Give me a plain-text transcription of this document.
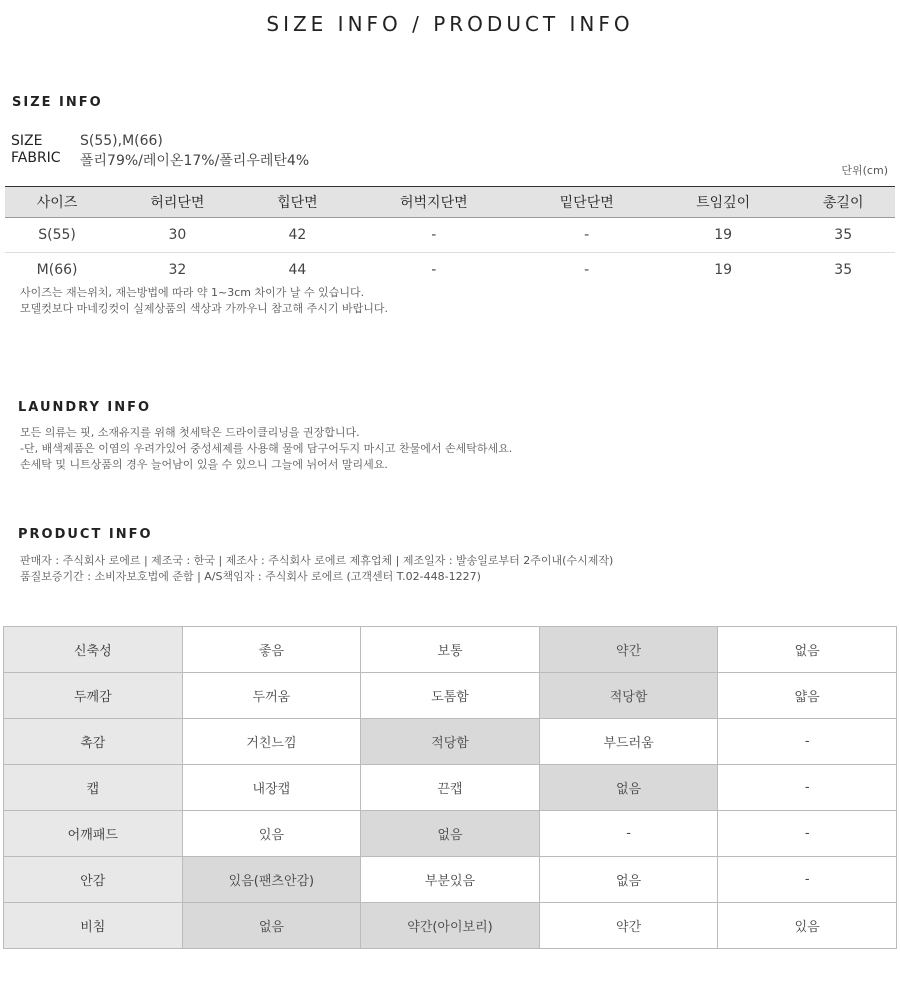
SIZE INFO / PRODUCT INFO
SIZE INFO
SIZE	S(55),M(66)
FABRIC 폴리79%/레이온17%/폴리우레탄4%
단위(cm)
사이즈	허리단면	힙단면	허벅지단면	밑단단면	트임깊이	총길이
S(55)	30	42	-	-	19	35
M(66)	32	44	-	-	19	35
사이즈는 재는위치, 재는방법에 따라 약 1~3cm 차이가 날 수 있습니다.
모델컷보다 마네킹컷이 실제상품의 색상과 가까우니 참고해 주시기 바랍니다.
LAUNDRY INFO
모든 의류는 핏, 소재유지를 위해 첫세탁은 드라이클리닝을 권장합니다.
-단, 배색제품은 이염의 우려가있어 중성세제를 사용해 물에 담구어두지 마시고 찬물에서 손세탁하세요.
손세탁 및 니트상품의 경우 늘어남이 있을 수 있으니 그늘에 뉘어서 말리세요.
PRODUCT INFO
판매자 : 주식회사 로에르 | 제조국 : 한국 | 제조사 : 주식회사 로에르 제휴업체 | 제조일자 : 발송일로부터 2주이내(수시제작)
품질보증기간 : 소비자보호법에 준함 | A/S책임자 : 주식회사 로에르 (고객센터 T.02-448-1227)
신축성	좋음	보통	약간	없음
두께감	두꺼움	도톰함	적당함	얇음
촉감	거친느낌	적당함	부드러움	-
캡	내장캡	끈캡	없음	-
어깨패드	있음	없음	-	-
안감	있음(팬츠안감)	부분있음	없음	-
비침	없음	약간(아이보리)	약간	있음
